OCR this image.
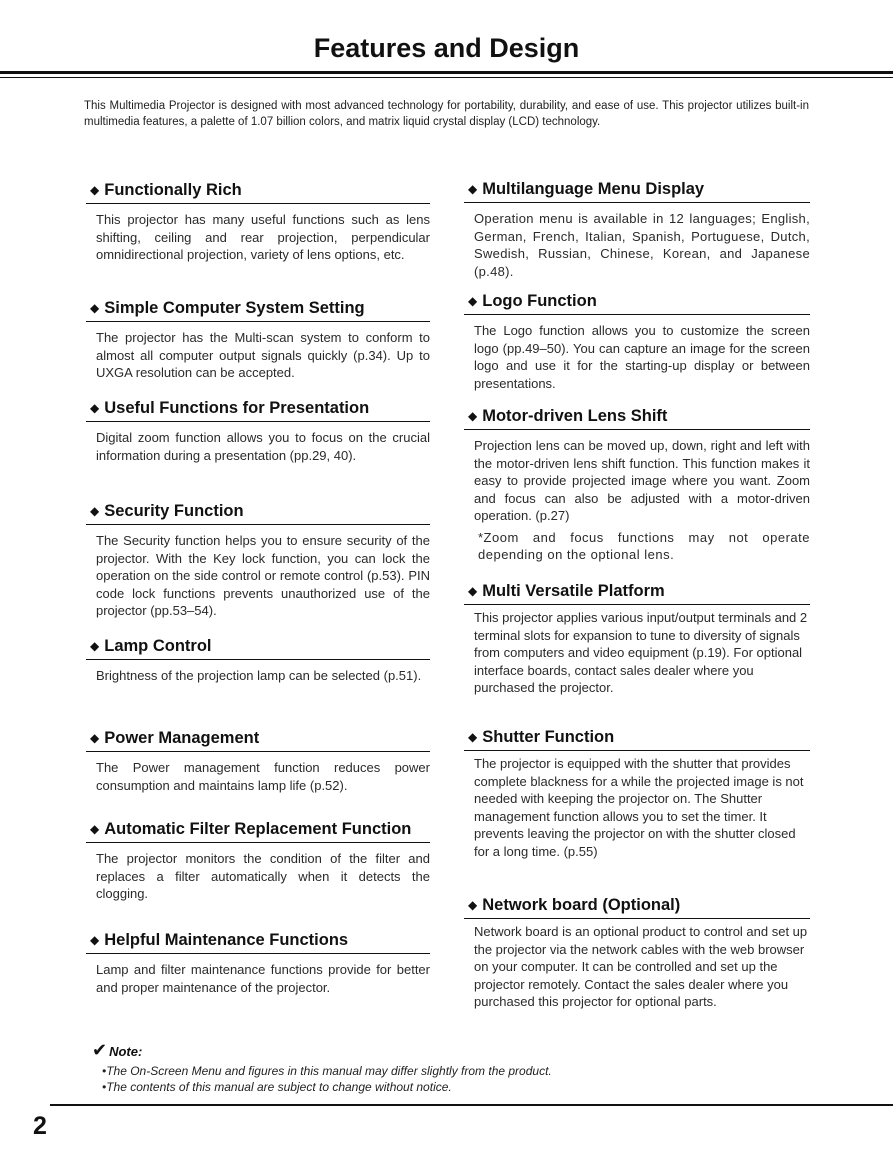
Features and Design
This Multimedia Projector is designed with most advanced technology for portability, durability, and ease of use. This projector utilizes built-in multimedia features, a palette of 1.07 billion colors, and matrix liquid crystal display (LCD) technology.
◆ Functionally Rich
This projector has many useful functions such as lens shifting, ceiling and rear projection, perpendicular omnidirectional projection, variety of lens options, etc.
◆ Simple Computer System Setting
The projector has the Multi-scan system to conform to almost all computer output signals quickly (p.34). Up to UXGA resolution can be accepted.
◆ Useful Functions for Presentation
Digital zoom function allows you to focus on the crucial information during a presentation (pp.29, 40).
◆ Security Function
The Security function helps you to ensure security of the projector. With the Key lock function, you can lock the operation on the side control or remote control (p.53). PIN code lock functions prevents unauthorized use of the projector (pp.53–54).
◆ Lamp Control
Brightness of the projection lamp can be selected (p.51).
◆ Power Management
The Power management function reduces power consumption and maintains lamp life (p.52).
◆ Automatic Filter Replacement Function
The projector monitors the condition of the filter and replaces a filter automatically when it detects the clogging.
◆ Helpful Maintenance Functions
Lamp and filter maintenance functions provide for better and proper maintenance of the projector.
◆ Multilanguage Menu Display
Operation menu is available in 12 languages; English, German, French, Italian, Spanish, Portuguese, Dutch, Swedish, Russian, Chinese, Korean, and Japanese (p.48).
◆ Logo Function
The Logo function allows you to customize the screen logo (pp.49–50). You can capture an image for the screen logo and use it for the starting-up display or between presentations.
◆ Motor-driven Lens Shift
Projection lens can be moved up, down, right and left with the motor-driven lens shift function. This function makes it easy to provide projected image where you want. Zoom and focus can also be adjusted with a motor-driven operation. (p.27)
*Zoom and focus functions may not operate depending on the optional lens.
◆ Multi Versatile Platform
This projector applies various input/output terminals and 2 terminal slots for expansion to tune to diversity of signals from computers and video equipment (p.19). For optional interface boards, contact sales dealer where you purchased the projector.
◆ Shutter Function
The projector is equipped with the shutter that provides complete blackness for a while the projected image is not needed with keeping the projector on. The Shutter management function allows you to set the timer. It prevents leaving the projector on with the shutter closed for a long time. (p.55)
◆ Network board (Optional)
Network board is an optional product to control and set up the projector via the network cables with the web browser on your computer. It can be controlled and set up the projector remotely. Contact the sales dealer where you purchased this projector for optional parts.
✔ Note:
•The On-Screen Menu and figures in this manual may differ slightly from the product.
•The contents of this manual are subject to change without notice.
2
